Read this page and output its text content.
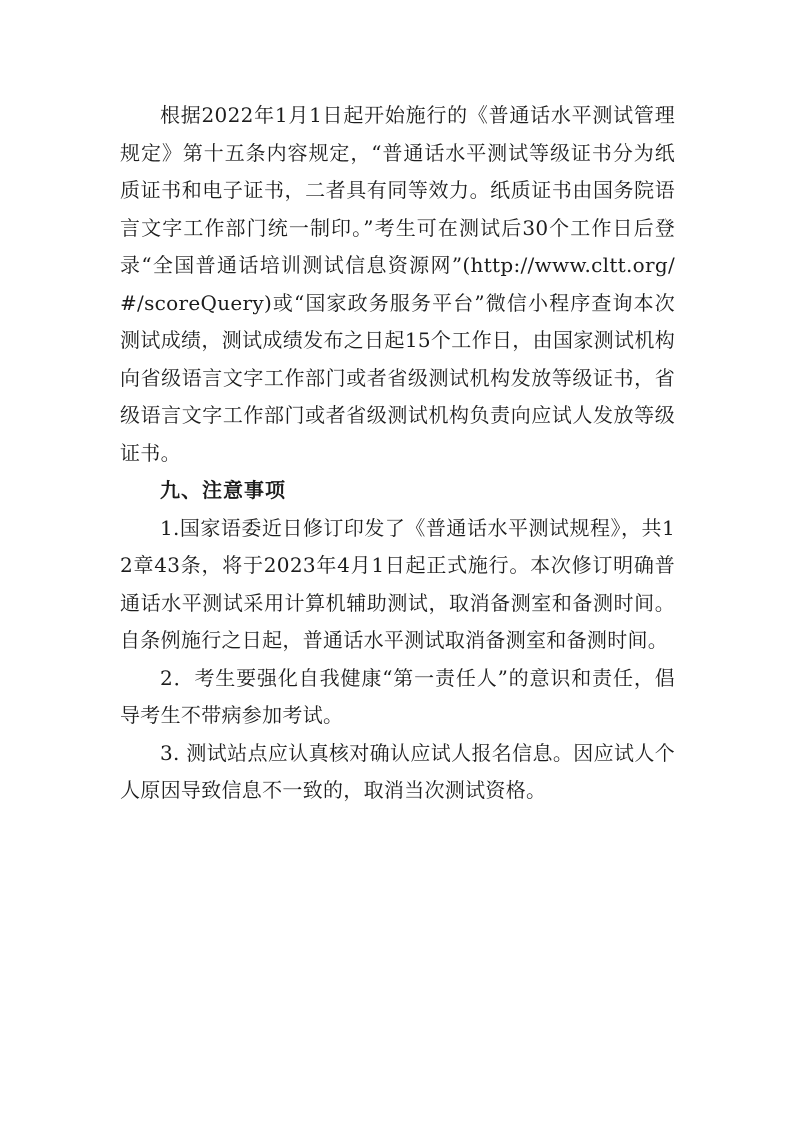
根据2022年1月1日起开始施行的《普通话水平测试管理规定》第十五条内容规定，“普通话水平测试等级证书分为纸质证书和电子证书，二者具有同等效力。纸质证书由国务院语言文字工作部门统一制印。”考生可在测试后30个工作日后登录“全国普通话培训测试信息资源网”(http://www.cltt.org/#/scoreQuery)或“国家政务服务平台”微信小程序查询本次测试成绩，测试成绩发布之日起15个工作日，由国家测试机构向省级语言文字工作部门或者省级测试机构发放等级证书，省级语言文字工作部门或者省级测试机构负责向应试人发放等级证书。

九、注意事项

1.国家语委近日修订印发了《普通话水平测试规程》，共12章43条，将于2023年4月1日起正式施行。本次修订明确普通话水平测试采用计算机辅助测试，取消备测室和备测时间。自条例施行之日起，普通话水平测试取消备测室和备测时间。

2．考生要强化自我健康“第一责任人”的意识和责任，倡导考生不带病参加考试。

3. 测试站点应认真核对确认应试人报名信息。因应试人个人原因导致信息不一致的，取消当次测试资格。
